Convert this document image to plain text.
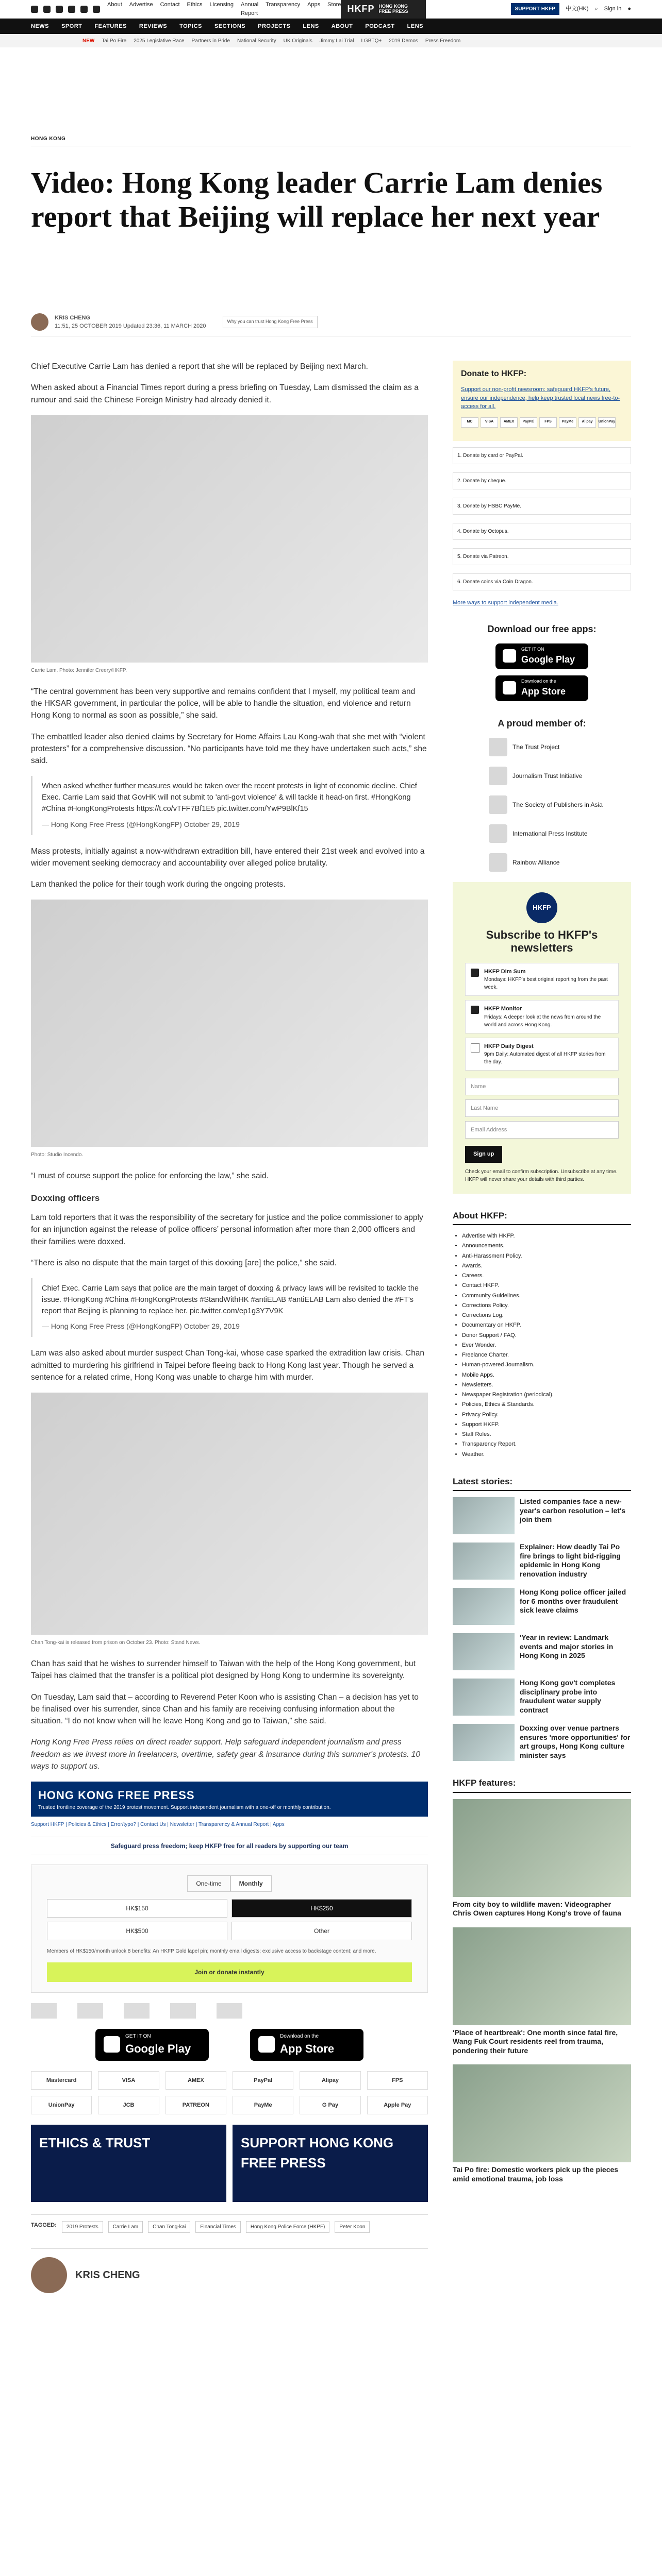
About Advertise Contact Ethics Licensing Annual Report
Transparency Apps Store HKFP HONG KONG FREE PRESS	SUPPORT HKFP	中文(HK) ⌕ Sign in ●
NEWS SPORT FEATURES REVIEWS TOPICS SECTIONS PROJECTS LENS ABOUT PODCAST LENS
NEW Tai Po Fire 2025 Legislative Race Partners in Pride National Security UK Originals Jimmy Lai Trial LGBTQ+ 2019 Demos Press Freedom
HONG KONG
Video: Hong Kong leader Carrie Lam denies report that Beijing will replace her next year
KRIS CHENG
11:51, 25 OCTOBER 2019 Updated 23:36, 11 MARCH 2020
Why you can trust Hong Kong Free Press

Chief Executive Carrie Lam has denied a report that she will be replaced by Beijing next March.

When asked about a Financial Times report during a press briefing on Tuesday, Lam dismissed the claim as a rumour and said the Chinese Foreign Ministry had already denied it.

Carrie Lam. Photo: Jennifer Creery/HKFP.

“The central government has been very supportive and remains confident that I myself, my political team and the HKSAR government, in particular the police, will be able to handle the situation, end violence and return Hong Kong to normal as soon as possible,” she said.

The embattled leader also denied claims by Secretary for Home Affairs Lau Kong-wah that she met with “violent protesters” for a comprehensive discussion. “No participants have told me they have undertaken such acts,” she said.

When asked whether further measures would be taken over the recent protests in light of economic decline. Chief Exec. Carrie Lam said that GovHK will not submit to 'anti-govt violence' & will tackle it head-on first. #HongKong #China #HongKongProtests https://t.co/vTFF7Bf1E5 pic.twitter.com/YwP9BlKf15
— Hong Kong Free Press (@HongKongFP) October 29, 2019

Mass protests, initially against a now-withdrawn extradition bill, have entered their 21st week and evolved into a wider movement seeking democracy and accountability over alleged police brutality.

Lam thanked the police for their tough work during the ongoing protests.

Photo: Studio Incendo.

“I must of course support the police for enforcing the law,” she said.

Doxxing officers

Lam told reporters that it was the responsibility of the secretary for justice and the police commissioner to apply for an injunction against the release of police officers’ personal information after more than 2,000 officers and their families were doxxed.

“There is also no dispute that the main target of this doxxing [are] the police,” she said.

Chief Exec. Carrie Lam says that police are the main target of doxxing & privacy laws will be revisited to tackle the issue. #HongKong #China #HongKongProtests #StandWithHK #antiELAB #antiELAB Lam also denied the #FT's report that Beijing is planning to replace her. pic.twitter.com/ep1g3Y7V9K
— Hong Kong Free Press (@HongKongFP) October 29, 2019

Lam was also asked about murder suspect Chan Tong-kai, whose case sparked the extradition law crisis. Chan admitted to murdering his girlfriend in Taipei before fleeing back to Hong Kong last year. Though he served a sentence for a related crime, Hong Kong was unable to charge him with murder.

Chan Tong-kai is released from prison on October 23. Photo: Stand News.

Chan has said that he wishes to surrender himself to Taiwan with the help of the Hong Kong government, but Taipei has claimed that the transfer is a political plot designed by Hong Kong to undermine its sovereignty.

On Tuesday, Lam said that – according to Reverend Peter Koon who is assisting Chan – a decision has yet to be finalised over his surrender, since Chan and his family are receiving confusing information about the situation. “I do not know when will he leave Hong Kong and go to Taiwan,” she said.

Hong Kong Free Press relies on direct reader support. Help safeguard independent journalism and press freedom as we invest more in freelancers, overtime, safety gear & insurance during this summer's protests. 10 ways to support us.

HONG KONG FREE PRESS
Trusted frontline coverage of the 2019 protest movement. Support independent journalism with a one-off or monthly contribution.
Support HKFP | Policies & Ethics | Error/typo? | Contact Us | Newsletter | Transparency & Annual Report | Apps
Safeguard press freedom; keep HKFP free for all readers by supporting our team
One-time	Monthly
HK$150	HK$250
HK$500	Other
Members of HK$150/month unlock 8 benefits: An HKFP Gold lapel pin; monthly email digests; exclusive access to backstage content; and more.
Join or donate instantly
GET IT ON
Google Play
Download on the
App Store
Mastercard	VISA	AMEX	PayPal	Alipay	FPS
UnionPay	JCB	PATREON	PayMe	G Pay	Apple Pay
ETHICS & TRUST	SUPPORT HONG KONG FREE PRESS
TAGGED:	2019 Protests	Carrie Lam	Chan Tong-kai	Financial Times	Hong Kong Police Force (HKPF)	Peter Koon
KRIS CHENG
Donate to HKFP:

Support our non-profit newsroom: safeguard HKFP's future, ensure our independence, help keep trusted local news free-to-access for all.

MC	VISA	AMEX	PayPal	FPS	PayMe	Alipay	UnionPay
1. Donate by card or PayPal.
2. Donate by cheque.
3. Donate by HSBC PayMe.
4. Donate by Octopus.
5. Donate via Patreon.
6. Donate coins via Coin Dragon.
More ways to support independent media.
Download our free apps:
GET IT ON
Google Play
Download on the
App Store
A proud member of:
The Trust Project
Journalism Trust Initiative
The Society of Publishers in Asia
International Press Institute
Rainbow Alliance
HKFP
Subscribe to HKFP's newsletters
HKFP Dim Sum
Mondays: HKFP's best original reporting from the past week.
HKFP Monitor
Fridays: A deeper look at the news from around the world and across Hong Kong.
HKFP Daily Digest
9pm Daily: Automated digest of all HKFP stories from the day.
Name
Last Name
Email Address
Sign up
Check your email to confirm subscription. Unsubscribe at any time. HKFP will never share your details with third parties.
About HKFP:
• Advertise with HKFP.
• Announcements.
• Anti-Harassment Policy.
• Awards.
• Careers.
• Contact HKFP.
• Community Guidelines.
• Corrections Policy.
• Corrections Log.
• Documentary on HKFP.
• Donor Support / FAQ.
• Ever Wonder.
• Freelance Charter.
• Human-powered Journalism.
• Mobile Apps.
• Newsletters.
• Newspaper Registration (periodical).
• Policies, Ethics & Standards.
• Privacy Policy.
• Support HKFP.
• Staff Roles.
• Transparency Report.
• Weather.
Latest stories:
Listed companies face a new-year's carbon resolution – let's join them
Explainer: How deadly Tai Po fire brings to light bid-rigging epidemic in Hong Kong renovation industry
Hong Kong police officer jailed for 6 months over fraudulent sick leave claims
'Year in review: Landmark events and major stories in Hong Kong in 2025
Hong Kong gov't completes disciplinary probe into fraudulent water supply contract
Doxxing over venue partners ensures 'more opportunities' for art groups, Hong Kong culture minister says
HKFP features:
From city boy to wildlife maven: Videographer Chris Owen captures Hong Kong's trove of fauna
'Place of heartbreak': One month since fatal fire, Wang Fuk Court residents reel from trauma, pondering their future
Tai Po fire: Domestic workers pick up the pieces amid emotional trauma, job loss
